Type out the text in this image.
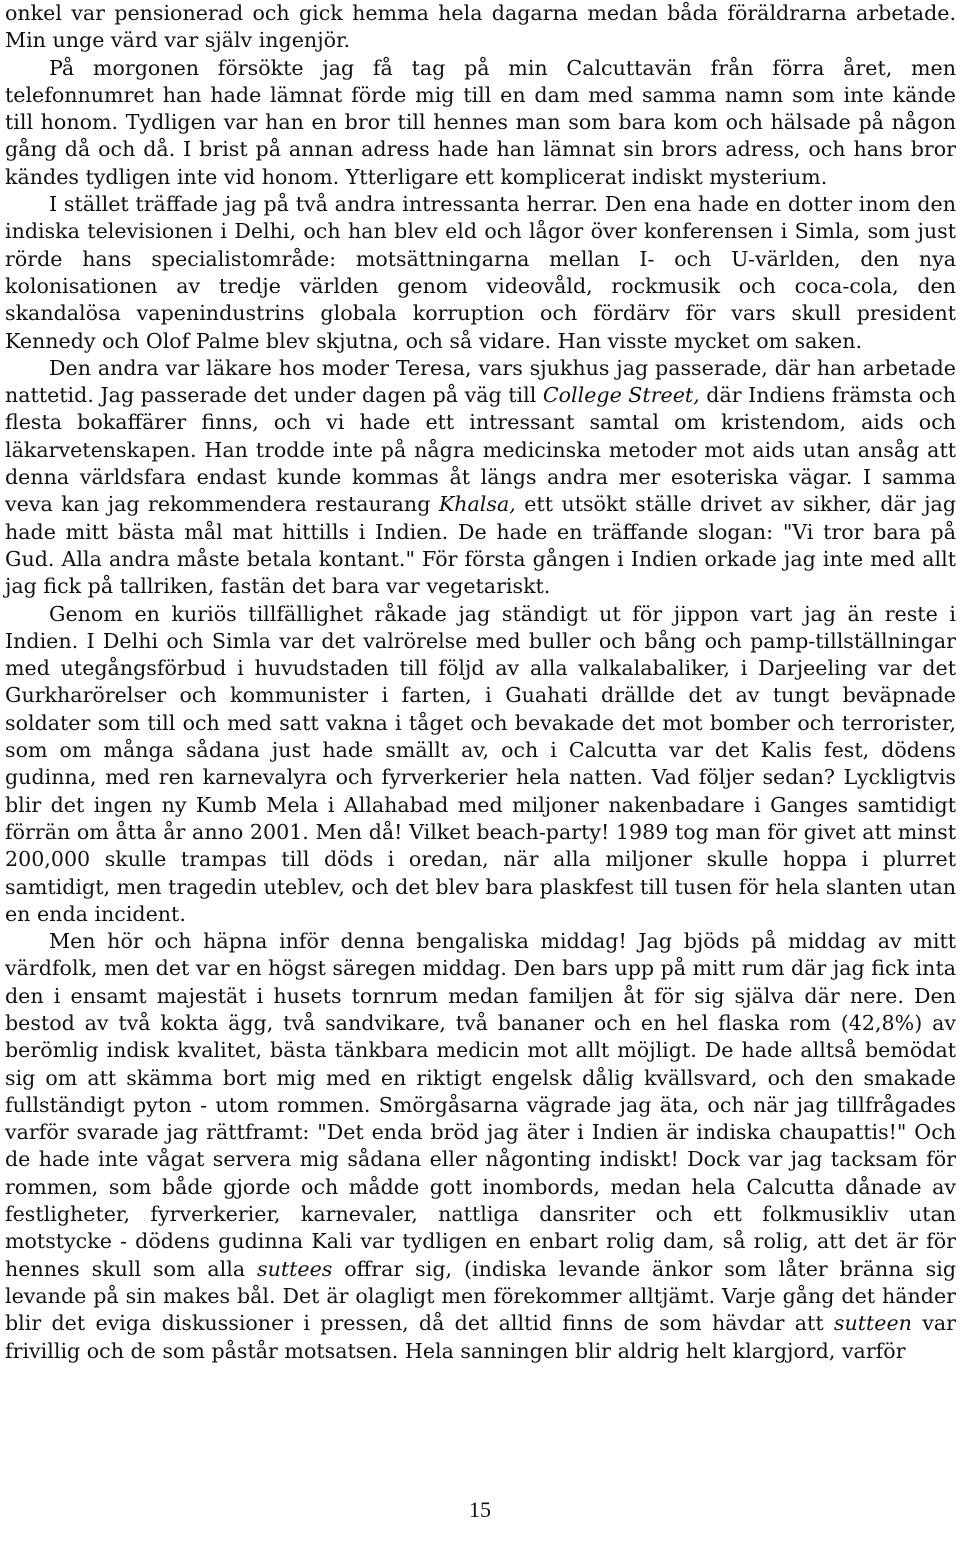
onkel var pensionerad och gick hemma hela dagarna medan båda föräldrarna arbetade. Min unge värd var själv ingenjör.

På morgonen försökte jag få tag på min Calcuttavän från förra året, men telefonnumret han hade lämnat förde mig till en dam med samma namn som inte kände till honom. Tydligen var han en bror till hennes man som bara kom och hälsade på någon gång då och då. I brist på annan adress hade han lämnat sin brors adress, och hans bror kändes tydligen inte vid honom. Ytterligare ett komplicerat indiskt mysterium.

I stället träffade jag på två andra intressanta herrar. Den ena hade en dotter inom den indiska televisionen i Delhi, och han blev eld och lågor över konferensen i Simla, som just rörde hans specialistområde: motsättningarna mellan I- och U-världen, den nya kolonisationen av tredje världen genom videovåld, rockmusik och coca-cola, den skandalösa vapenindustrins globala korruption och fördärv för vars skull president Kennedy och Olof Palme blev skjutna, och så vidare. Han visste mycket om saken.

Den andra var läkare hos moder Teresa, vars sjukhus jag passerade, där han arbetade nattetid. Jag passerade det under dagen på väg till College Street, där Indiens främsta och flesta bokaffärer finns, och vi hade ett intressant samtal om kristendom, aids och läkarvetenskapen. Han trodde inte på några medicinska metoder mot aids utan ansåg att denna världsfara endast kunde kommas åt längs andra mer esoteriska vägar. I samma veva kan jag rekommendera restaurang Khalsa, ett utsökt ställe drivet av sikher, där jag hade mitt bästa mål mat hittills i Indien. De hade en träffande slogan: "Vi tror bara på Gud. Alla andra måste betala kontant." För första gången i Indien orkade jag inte med allt jag fick på tallriken, fastän det bara var vegetariskt.

Genom en kuriös tillfällighet råkade jag ständigt ut för jippon vart jag än reste i Indien. I Delhi och Simla var det valrörelse med buller och bång och pamp-tillställningar med utegångsförbud i huvudstaden till följd av alla valkalabaliker, i Darjeeling var det Gurkharörelser och kommunister i farten, i Guahati drällde det av tungt beväpnade soldater som till och med satt vakna i tåget och bevakade det mot bomber och terrorister, som om många sådana just hade smällt av, och i Calcutta var det Kalis fest, dödens gudinna, med ren karnevalyra och fyrverkerier hela natten. Vad följer sedan? Lyckligtvis blir det ingen ny Kumb Mela i Allahabad med miljoner nakenbadare i Ganges samtidigt förrän om åtta år anno 2001. Men då! Vilket beach-party! 1989 tog man för givet att minst 200,000 skulle trampas till döds i oredan, när alla miljoner skulle hoppa i plurret samtidigt, men tragedin uteblev, och det blev bara plaskfest till tusen för hela slanten utan en enda incident.

Men hör och häpna inför denna bengaliska middag! Jag bjöds på middag av mitt värdfolk, men det var en högst säregen middag. Den bars upp på mitt rum där jag fick inta den i ensamt majestät i husets tornrum medan familjen åt för sig själva där nere. Den bestod av två kokta ägg, två sandvikare, två bananer och en hel flaska rom (42,8%) av berömlig indisk kvalitet, bästa tänkbara medicin mot allt möjligt. De hade alltså bemödat sig om att skämma bort mig med en riktigt engelsk dålig kvällsvard, och den smakade fullständigt pyton - utom rommen. Smörgåsarna vägrade jag äta, och när jag tillfrågades varför svarade jag rättframt: "Det enda bröd jag äter i Indien är indiska chaupattis!" Och de hade inte vågat servera mig sådana eller någonting indiskt! Dock var jag tacksam för rommen, som både gjorde och mådde gott inombords, medan hela Calcutta dånade av festligheter, fyrverkerier, karnevaler, nattliga dansriter och ett folkmusikliv utan motstycke - dödens gudinna Kali var tydligen en enbart rolig dam, så rolig, att det är för hennes skull som alla suttees offrar sig, (indiska levande änkor som låter bränna sig levande på sin makes bål. Det är olagligt men förekommer alltjämt. Varje gång det händer blir det eviga diskussioner i pressen, då det alltid finns de som hävdar att sutteen var frivillig och de som påstår motsatsen. Hela sanningen blir aldrig helt klargjord, varför

15
